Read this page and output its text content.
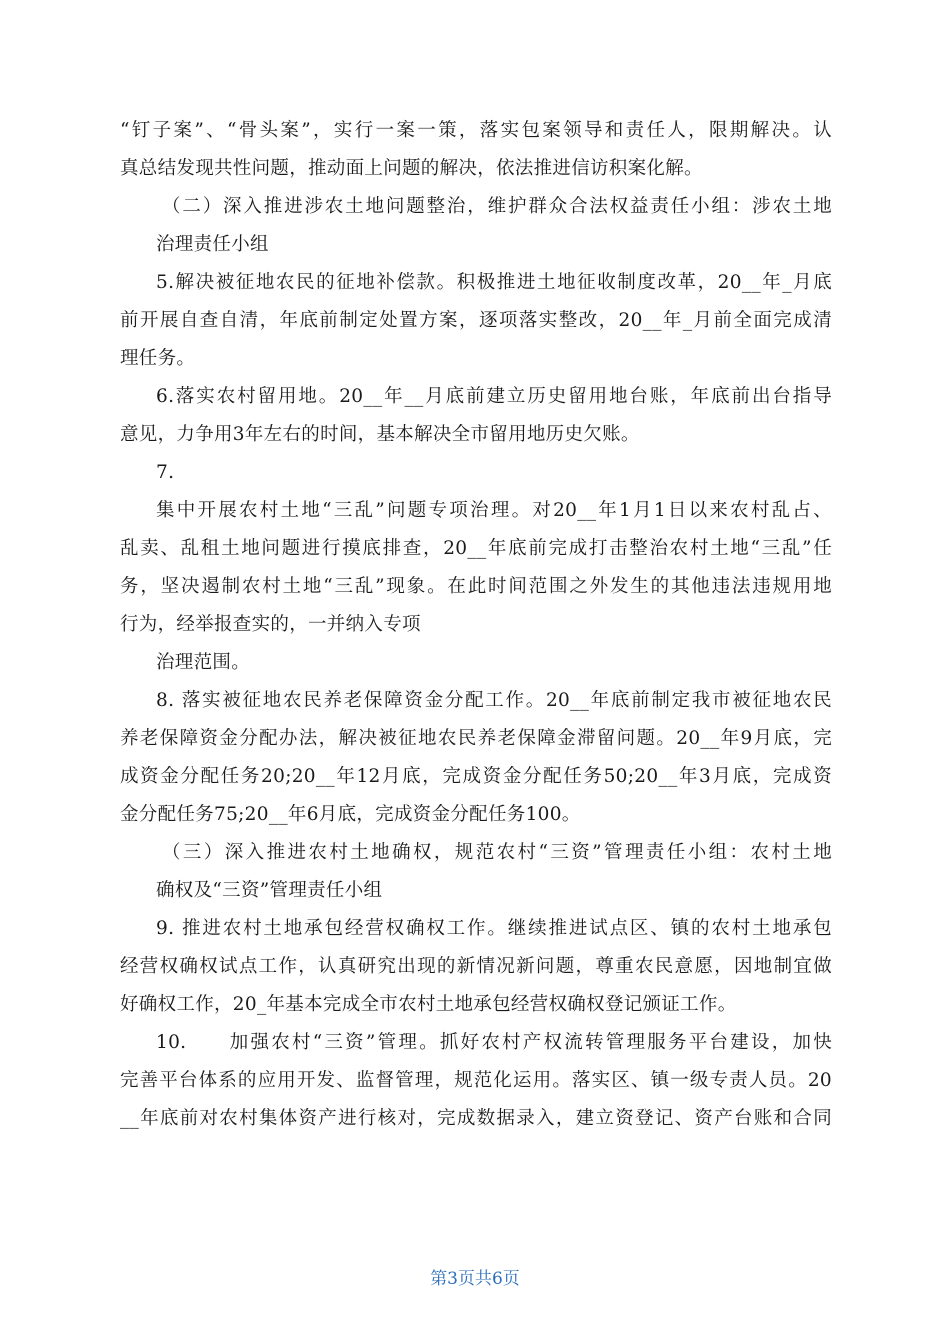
“钉子案”、“骨头案”，实行一案一策，落实包案领导和责任人，限期解决。认
真总结发现共性问题，推动面上问题的解决，依法推进信访积案化解。
（二）深入推进涉农土地问题整治，维护群众合法权益责任小组：涉农土地
治理责任小组
5.解决被征地农民的征地补偿款。积极推进土地征收制度改革，20__年_月底
前开展自查自清，年底前制定处置方案，逐项落实整改，20__年_月前全面完成清
理任务。
6.落实农村留用地。20__年__月底前建立历史留用地台账，年底前出台指导
意见，力争用3年左右的时间，基本解决全市留用地历史欠账。
7.
集中开展农村土地“三乱”问题专项治理。对20__年1月1日以来农村乱占、
乱卖、乱租土地问题进行摸底排查，20__年底前完成打击整治农村土地“三乱”任
务，坚决遏制农村土地“三乱”现象。在此时间范围之外发生的其他违法违规用地
行为，经举报查实的，一并纳入专项
治理范围。
8. 落实被征地农民养老保障资金分配工作。20__年底前制定我市被征地农民
养老保障资金分配办法，解决被征地农民养老保障金滞留问题。20__年9月底，完
成资金分配任务20;20__年12月底，完成资金分配任务50;20__年3月底，完成资
金分配任务75;20__年6月底，完成资金分配任务100。
（三）深入推进农村土地确权，规范农村“三资”管理责任小组：农村土地
确权及“三资”管理责任小组
9. 推进农村土地承包经营权确权工作。继续推进试点区、镇的农村土地承包
经营权确权试点工作，认真研究出现的新情况新问题，尊重农民意愿，因地制宜做
好确权工作，20_年基本完成全市农村土地承包经营权确权登记颁证工作。
10.　　加强农村“三资”管理。抓好农村产权流转管理服务平台建设，加快
完善平台体系的应用开发、监督管理，规范化运用。落实区、镇一级专责人员。20
__年底前对农村集体资产进行核对，完成数据录入，建立资登记、资产台账和合同
第3页共6页
